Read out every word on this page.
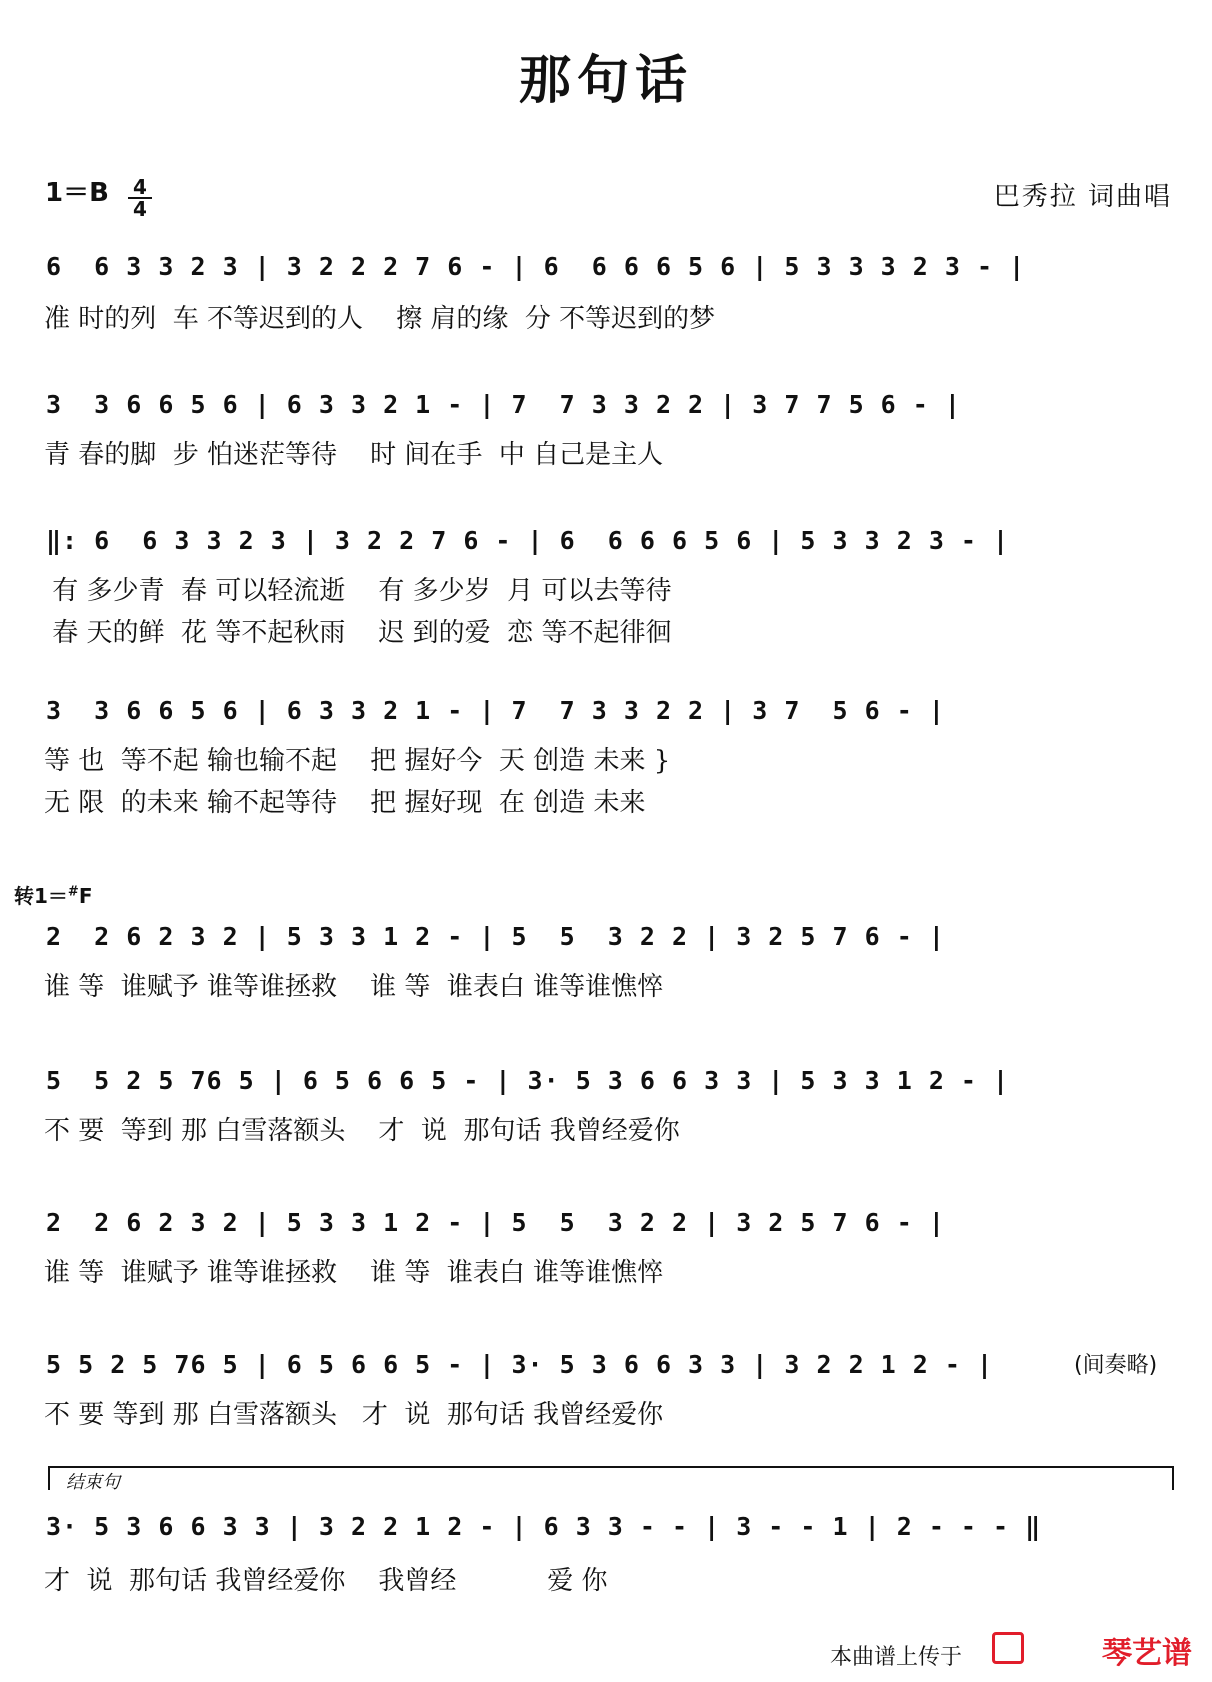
那句话
1＝B 4
4	巴秀拉 词曲唱
6  6 3 3 2 3 | 3 2 2 2 7 6 - | 6  6 6 6 5 6 | 5 3 3 3 2 3 - |
准 时的列  车 不等迟到的人    擦 肩的缘  分 不等迟到的梦
3  3 6 6 5 6 | 6 3 3 2 1 - | 7  7 3 3 2 2 | 3 7 7 5 6 - |
青 春的脚  步 怕迷茫等待    时 间在手  中 自己是主人
‖: 6  6 3 3 2 3 | 3 2 2 7 6 - | 6  6 6 6 5 6 | 5 3 3 2 3 - |
有 多少青  春 可以轻流逝    有 多少岁  月 可以去等待
春 天的鲜  花 等不起秋雨    迟 到的爱  恋 等不起徘徊
3  3 6 6 5 6 | 6 3 3 2 1 - | 7  7 3 3 2 2 | 3 7  5 6 - |
等 也  等不起 输也输不起    把 握好今  天 创造 未来 }
无 限  的未来 输不起等待    把 握好现  在 创造 未来
转1＝#F
2  2 6 2 3 2 | 5 3 3 1 2 - | 5  5  3 2 2 | 3 2 5 7 6 - |
谁 等  谁赋予 谁等谁拯救    谁 等  谁表白 谁等谁憔悴
5  5 2 5 76 5 | 6 5 6 6 5 - | 3· 5 3 6 6 3 3 | 5 3 3 1 2 - |
不 要  等到 那 白雪落额头    才  说  那句话 我曾经爱你
2  2 6 2 3 2 | 5 3 3 1 2 - | 5  5  3 2 2 | 3 2 5 7 6 - |
谁 等  谁赋予 谁等谁拯救    谁 等  谁表白 谁等谁憔悴
5 5 2 5 76 5 | 6 5 6 6 5 - | 3· 5 3 6 6 3 3 | 3 2 2 1 2 - |
不 要 等到 那 白雪落额头   才  说  那句话 我曾经爱你
(间奏略)
结束句
3· 5 3 6 6 3 3 | 3 2 2 1 2 - | 6 3 3 - - | 3 - - 1 | 2 - - - ‖
才  说  那句话 我曾经爱你    我曾经           爱 你
本曲谱上传于	琴艺谱
